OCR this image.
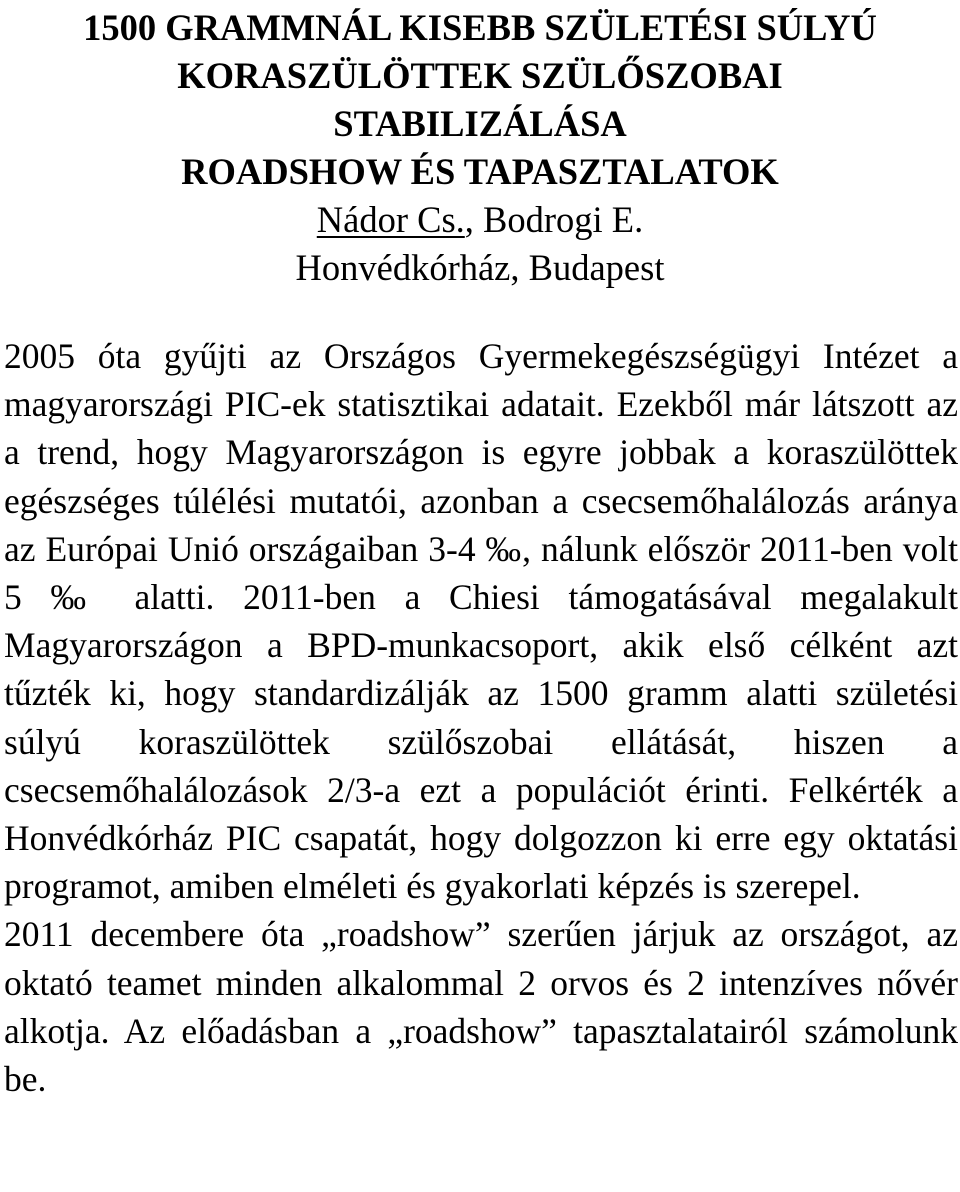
1500 GRAMMNÁL KISEBB SZÜLETÉSI SÚLYÚ
KORASZÜLÖTTEK SZÜLŐSZOBAI
STABILIZÁLÁSA
ROADSHOW ÉS TAPASZTALATOK
Nádor Cs., Bodrogi E.
Honvédkórház, Budapest

2005 óta gyűjti az Országos Gyermekegészségügyi Intézet a magyarországi PIC-ek statisztikai adatait. Ezekből már látszott az a trend, hogy Magyarországon is egyre jobbak a koraszülöttek egészséges túlélési mutatói, azonban a csecsemőhalálozás aránya az Európai Unió országaiban 3-4 ‰, nálunk először 2011-ben volt 5 ‰ alatti. 2011-ben a Chiesi támogatásával megalakult Magyarországon a BPD-munkacsoport, akik első célként azt tűzték ki, hogy standardizálják az 1500 gramm alatti születési súlyú koraszülöttek szülőszobai ellátását, hiszen a csecsemőhalálozások 2/3-a ezt a populációt érinti. Felkérték a Honvédkórház PIC csapatát, hogy dolgozzon ki erre egy oktatási programot, amiben elméleti és gyakorlati képzés is szerepel.

2011 decembere óta „roadshow” szerűen járjuk az országot, az oktató teamet minden alkalommal 2 orvos és 2 intenzíves nővér alkotja. Az előadásban a „roadshow” tapasztalatairól számolunk be.
